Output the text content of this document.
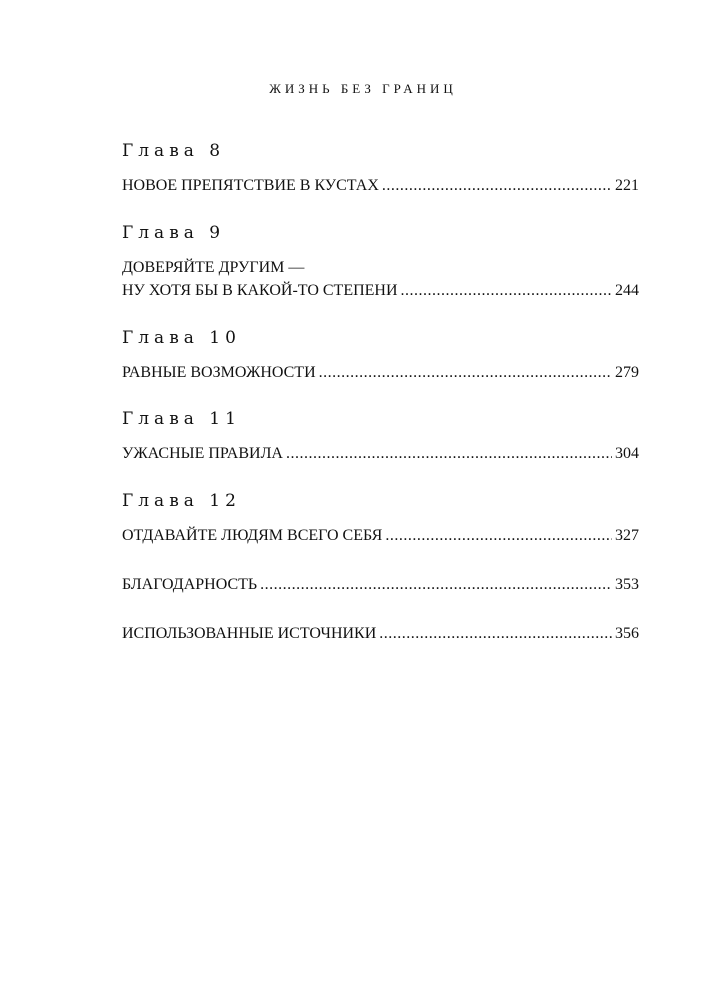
ЖИЗНЬ БЕЗ ГРАНИЦ
Глава 8
НОВОЕ ПРЕПЯТСТВИЕ В КУСТАХ .....	221
Глава 9
ДОВЕРЯЙТЕ ДРУГИМ —
НУ ХОТЯ БЫ В КАКОЙ-ТО СТЕПЕНИ .....	244
Глава 10
РАВНЫЕ ВОЗМОЖНОСТИ .....	279
Глава 11
УЖАСНЫЕ ПРАВИЛА .....	304
Глава 12
ОТДАВАЙТЕ ЛЮДЯМ ВСЕГО СЕБЯ .....	327
БЛАГОДАРНОСТЬ .....	353
ИСПОЛЬЗОВАННЫЕ ИСТОЧНИКИ .....	356
